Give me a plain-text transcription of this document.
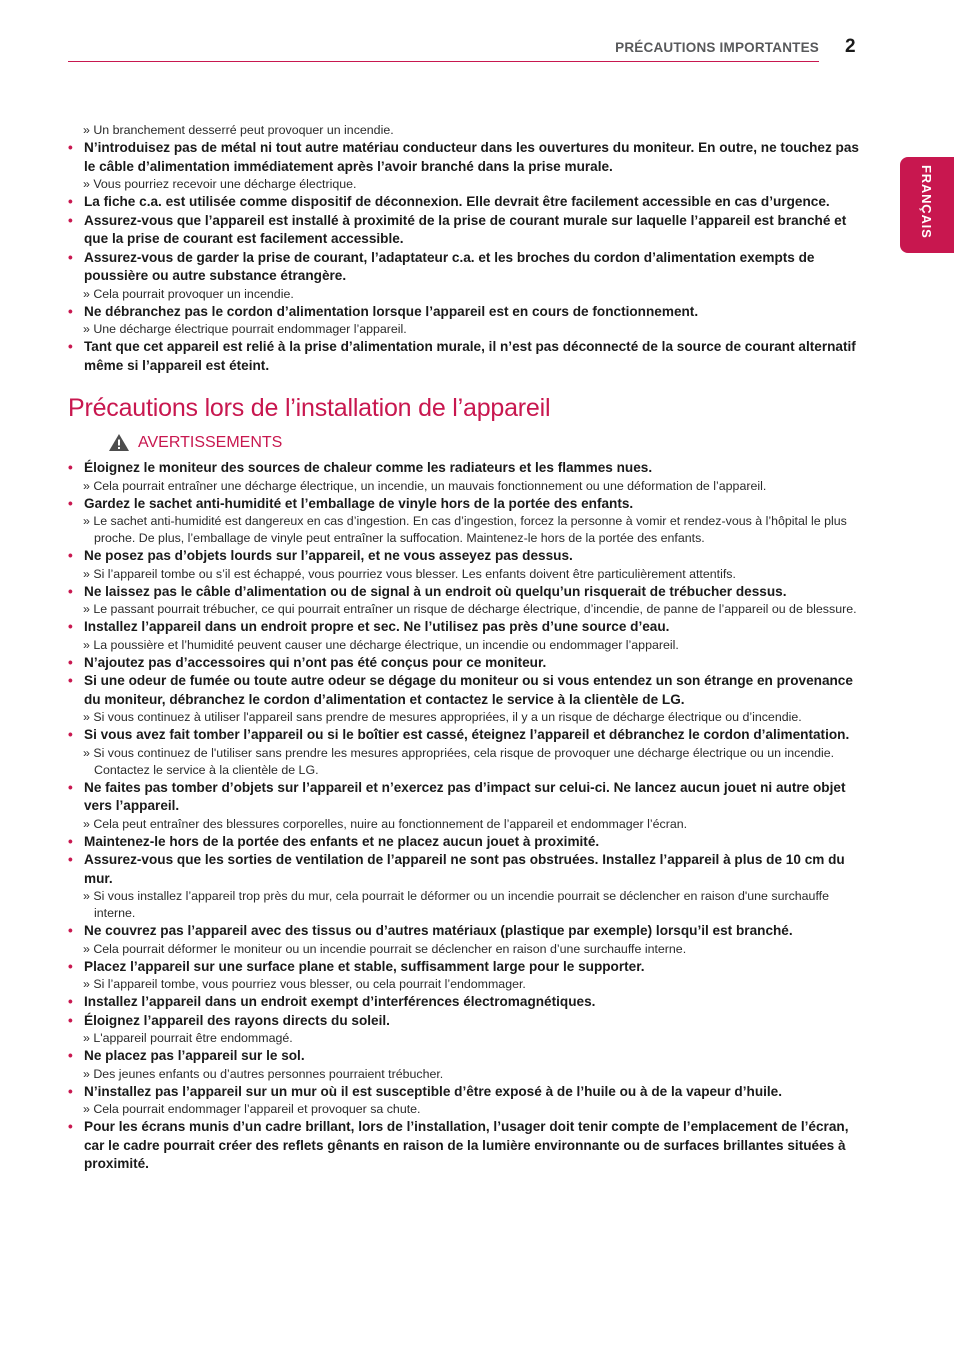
PRÉCAUTIONS IMPORTANTES 2
FRANÇAIS
» Un branchement desserré peut provoquer un incendie.
• N’introduisez pas de métal ni tout autre matériau conducteur dans les ouvertures du moniteur. En outre, ne touchez pas le câble d’alimentation immédiatement après l’avoir branché dans la prise murale.
» Vous pourriez recevoir une décharge électrique.
• La fiche c.a. est utilisée comme dispositif de déconnexion. Elle devrait être facilement accessible en cas d’urgence.
• Assurez-vous que l’appareil est installé à proximité de la prise de courant murale sur laquelle l’appareil est branché et que la prise de courant est facilement accessible.
• Assurez-vous de garder la prise de courant, l’adaptateur c.a. et les broches du cordon d’alimentation exempts de poussière ou autre substance étrangère.
» Cela pourrait provoquer un incendie.
• Ne débranchez pas le cordon d’alimentation lorsque l’appareil est en cours de fonctionnement.
» Une décharge électrique pourrait endommager l’appareil.
• Tant que cet appareil est relié à la prise d’alimentation murale, il n’est pas déconnecté de la source de courant alternatif même si l’appareil est éteint.
Précautions lors de l’installation de l’appareil
AVERTISSEMENTS
• Éloignez le moniteur des sources de chaleur comme les radiateurs et les flammes nues.
» Cela pourrait entraîner une décharge électrique, un incendie, un mauvais fonctionnement ou une déformation de l’appareil.
• Gardez le sachet anti-humidité et l’emballage de vinyle hors de la portée des enfants.
» Le sachet anti-humidité est dangereux en cas d’ingestion. En cas d’ingestion, forcez la personne à vomir et rendez-vous à l’hôpital le plus proche. De plus, l’emballage de vinyle peut entraîner la suffocation. Maintenez-le hors de la portée des enfants.
• Ne posez pas d’objets lourds sur l’appareil, et ne vous asseyez pas dessus.
» Si l’appareil tombe ou s’il est échappé, vous pourriez vous blesser. Les enfants doivent être particulièrement attentifs.
• Ne laissez pas le câble d’alimentation ou de signal à un endroit où quelqu’un risquerait de trébucher dessus.
» Le passant pourrait trébucher, ce qui pourrait entraîner un risque de décharge électrique, d’incendie, de panne de l’appareil ou de blessure.
• Installez l’appareil dans un endroit propre et sec. Ne l’utilisez pas près d’une source d’eau.
» La poussière et l’humidité peuvent causer une décharge électrique, un incendie ou endommager l’appareil.
• N’ajoutez pas d’accessoires qui n’ont pas été conçus pour ce moniteur.
• Si une odeur de fumée ou toute autre odeur se dégage du moniteur ou si vous entendez un son étrange en provenance du moniteur, débranchez le cordon d’alimentation et contactez le service à la clientèle de LG.
» Si vous continuez à utiliser l'appareil sans prendre de mesures appropriées, il y a un risque de décharge électrique ou d’incendie.
• Si vous avez fait tomber l’appareil ou si le boîtier est cassé, éteignez l’appareil et débranchez le cordon d’alimentation.
» Si vous continuez de l'utiliser sans prendre les mesures appropriées, cela risque de provoquer une décharge électrique ou un incendie. Contactez le service à la clientèle de LG.
• Ne faites pas tomber d’objets sur l’appareil et n’exercez pas d’impact sur celui-ci. Ne lancez aucun jouet ni autre objet vers l’appareil.
» Cela peut entraîner des blessures corporelles, nuire au fonctionnement de l’appareil et endommager l’écran.
• Maintenez-le hors de la portée des enfants et ne placez aucun jouet à proximité.
• Assurez-vous que les sorties de ventilation de l’appareil ne sont pas obstruées. Installez l’appareil à plus de 10 cm du mur.
» Si vous installez l’appareil trop près du mur, cela pourrait le déformer ou un incendie pourrait se déclencher en raison d'une surchauffe interne.
• Ne couvrez pas l’appareil avec des tissus ou d’autres matériaux (plastique par exemple) lorsqu’il est branché.
» Cela pourrait déformer le moniteur ou un incendie pourrait se déclencher en raison d’une surchauffe interne.
• Placez l’appareil sur une surface plane et stable, suffisamment large pour le supporter.
» Si l’appareil tombe, vous pourriez vous blesser, ou cela pourrait l’endommager.
• Installez l’appareil dans un endroit exempt d’interférences électromagnétiques.
• Éloignez l’appareil des rayons directs du soleil.
» L'appareil pourrait être endommagé.
• Ne placez pas l’appareil sur le sol.
» Des jeunes enfants ou d’autres personnes pourraient trébucher.
• N’installez pas l’appareil sur un mur où il est susceptible d’être exposé à de l’huile ou à de la vapeur d’huile.
» Cela pourrait endommager l’appareil et provoquer sa chute.
• Pour les écrans munis d’un cadre brillant, lors de l’installation, l’usager doit tenir compte de l’emplacement de l’écran, car le cadre pourrait créer des reflets gênants en raison de la lumière environnante ou de surfaces brillantes situées à proximité.
